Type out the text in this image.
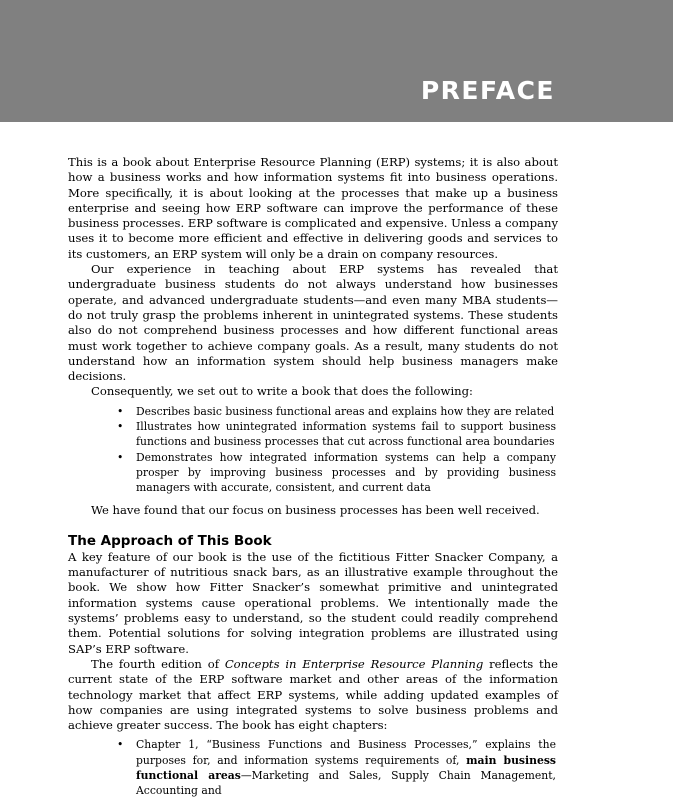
PREFACE

This is a book about Enterprise Resource Planning (ERP) systems; it is also about how a business works and how information systems fit into business operations. More specifically, it is about looking at the processes that make up a business enterprise and seeing how ERP software can improve the performance of these business processes. ERP software is complicated and expensive. Unless a company uses it to become more efficient and effective in delivering goods and services to its customers, an ERP system will only be a drain on company resources.

Our experience in teaching about ERP systems has revealed that undergraduate business students do not always understand how businesses operate, and advanced undergraduate students—and even many MBA students—do not truly grasp the problems inherent in unintegrated systems. These students also do not comprehend business processes and how different functional areas must work together to achieve company goals. As a result, many students do not understand how an information system should help business managers make decisions.

Consequently, we set out to write a book that does the following:

• Describes basic business functional areas and explains how they are related
• Illustrates how unintegrated information systems fail to support business functions and business processes that cut across functional area boundaries
• Demonstrates how integrated information systems can help a company prosper by improving business processes and by providing business managers with accurate, consistent, and current data

We have found that our focus on business processes has been well received.

The Approach of This Book

A key feature of our book is the use of the fictitious Fitter Snacker Company, a manufacturer of nutritious snack bars, as an illustrative example throughout the book. We show how Fitter Snacker’s somewhat primitive and unintegrated information systems cause operational problems. We intentionally made the systems’ problems easy to understand, so the student could readily comprehend them. Potential solutions for solving integration problems are illustrated using SAP’s ERP software.

The fourth edition of Concepts in Enterprise Resource Planning reflects the current state of the ERP software market and other areas of the information technology market that affect ERP systems, while adding updated examples of how companies are using integrated systems to solve business problems and achieve greater success. The book has eight chapters:

• Chapter 1, “Business Functions and Business Processes,” explains the purposes for, and information systems requirements of, main business functional areas—Marketing and Sales, Supply Chain Management, Accounting and
